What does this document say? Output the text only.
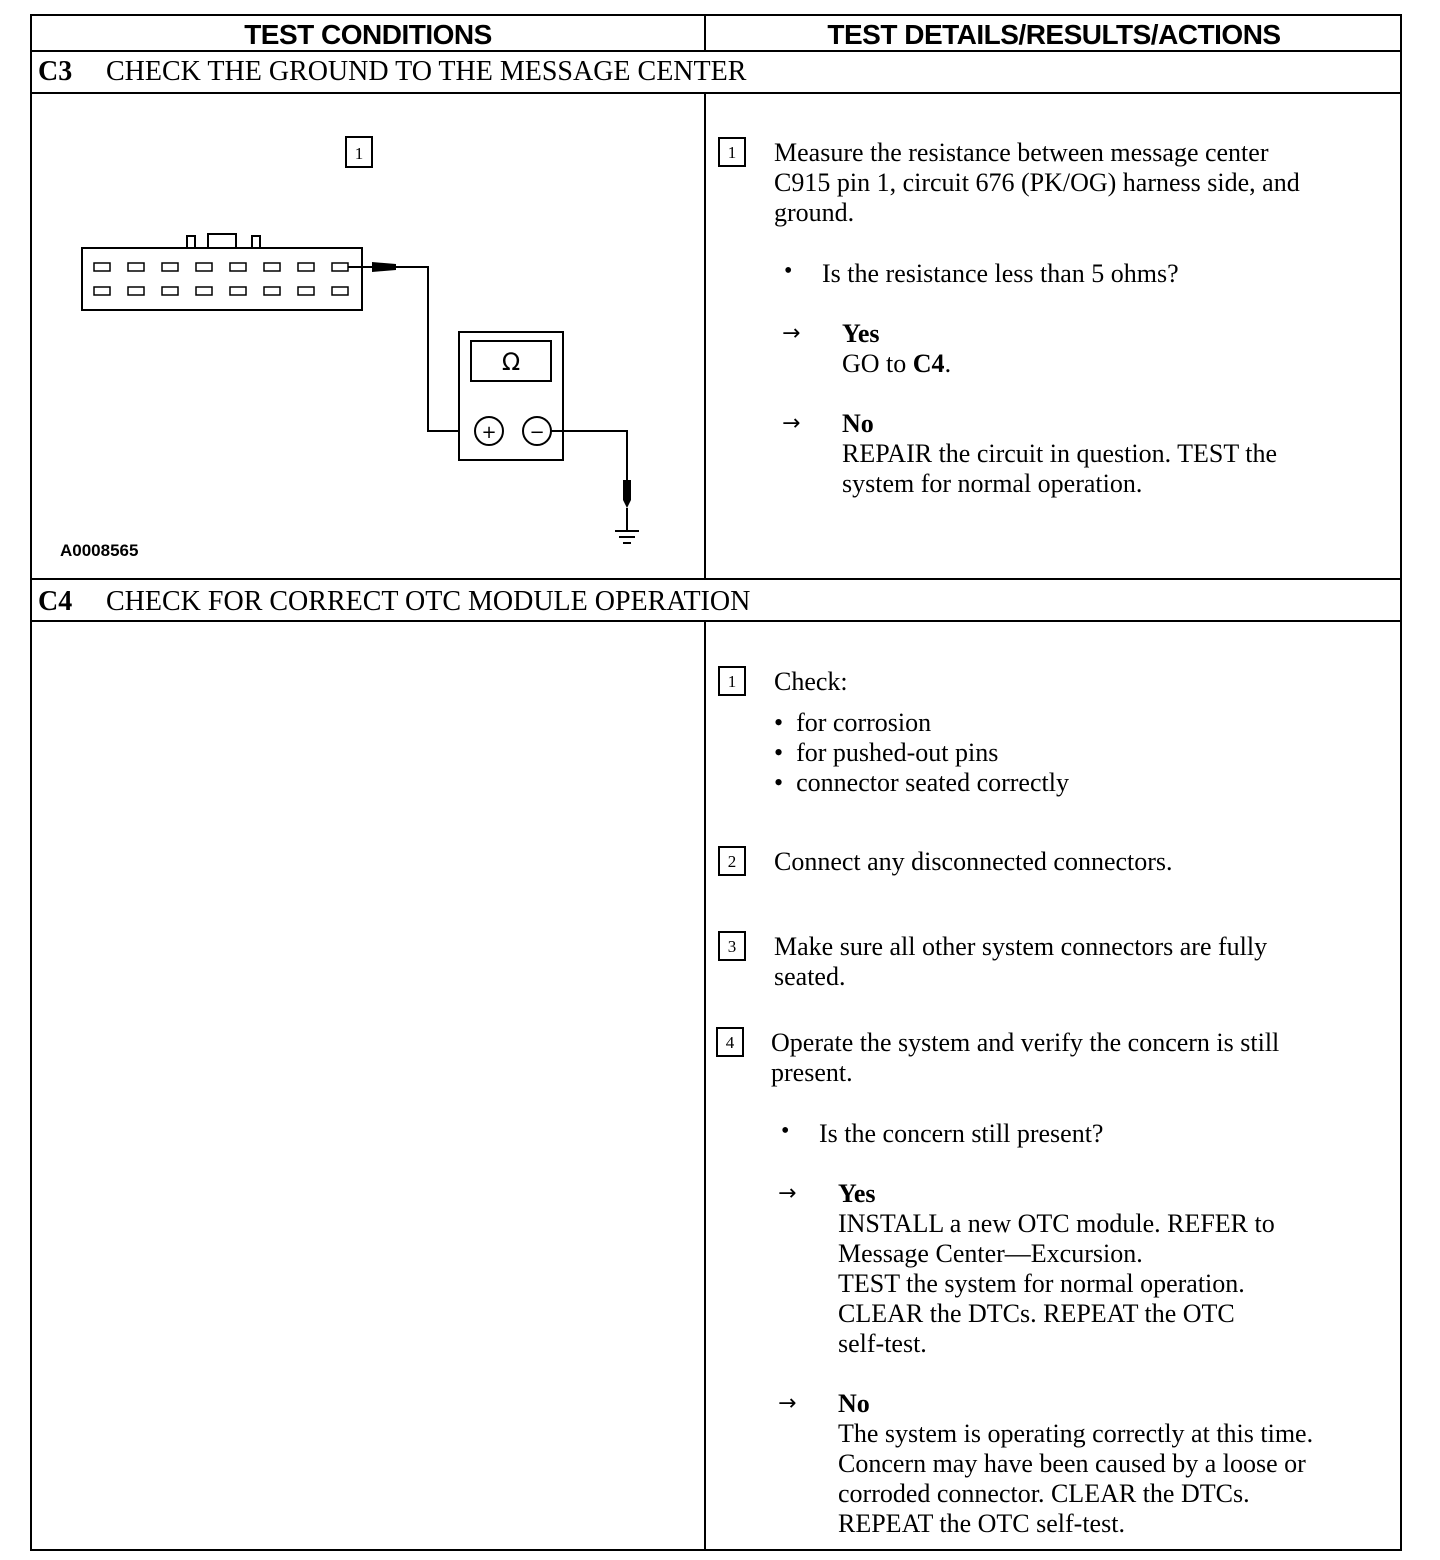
TEST CONDITIONS	TEST DETAILS/RESULTS/ACTIONS
C3 CHECK THE GROUND TO THE MESSAGE CENTER
1
Ω
+ −
A0008565
1	Measure the resistance between message center
C915 pin 1, circuit 676 (PK/OG) harness side, and
ground.
• Is the resistance less than 5 ohms?
→ Yes
GO to C4.
→ No
REPAIR the circuit in question. TEST the
system for normal operation.
C4 CHECK FOR CORRECT OTC MODULE OPERATION
1	Check:
•  for corrosion
•  for pushed-out pins
•  connector seated correctly
2	Connect any disconnected connectors.
3	Make sure all other system connectors are fully
seated.
4	Operate the system and verify the concern is still
present.
• Is the concern still present?
→ Yes
INSTALL a new OTC module. REFER to
Message Center—Excursion.
TEST the system for normal operation.
CLEAR the DTCs. REPEAT the OTC
self-test.
→ No
The system is operating correctly at this time.
Concern may have been caused by a loose or
corroded connector. CLEAR the DTCs.
REPEAT the OTC self-test.
